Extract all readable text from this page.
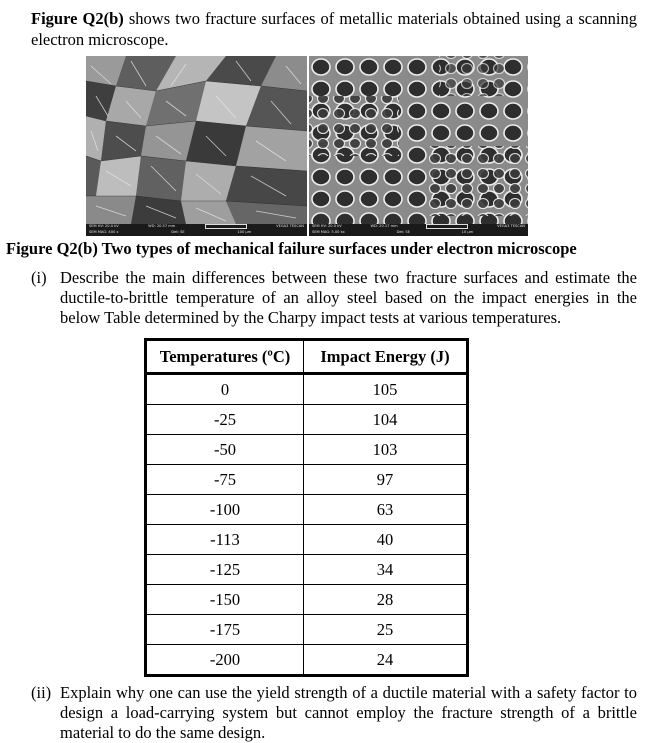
Figure Q2(b) shows two fracture surfaces of metallic materials obtained using a scanning electron microscope.
SEM HV: 20.0 kV	WD: 20.57 mm	VEGA3 TESCAN
SEM MAG: 400 x	Det: SE	100 μm
SEM HV: 20.0 kV	WD: 20.17 mm	VEGA3 TESCAN
SEM MAG: 5.00 kx	Det: SE	10 μm
Figure Q2(b) Two types of mechanical failure surfaces under electron microscope
(i) Describe the main differences between these two fracture surfaces and estimate the ductile-to-brittle temperature of an alloy steel based on the impact energies in the below Table determined by the Charpy impact tests at various temperatures.
Temperatures (ºC)	Impact Energy (J)
0	105
-25	104
-50	103
-75	97
-100	63
-113	40
-125	34
-150	28
-175	25
-200	24
(ii) Explain why one can use the yield strength of a ductile material with a safety factor to design a load-carrying system but cannot employ the fracture strength of a brittle material to do the same design.
